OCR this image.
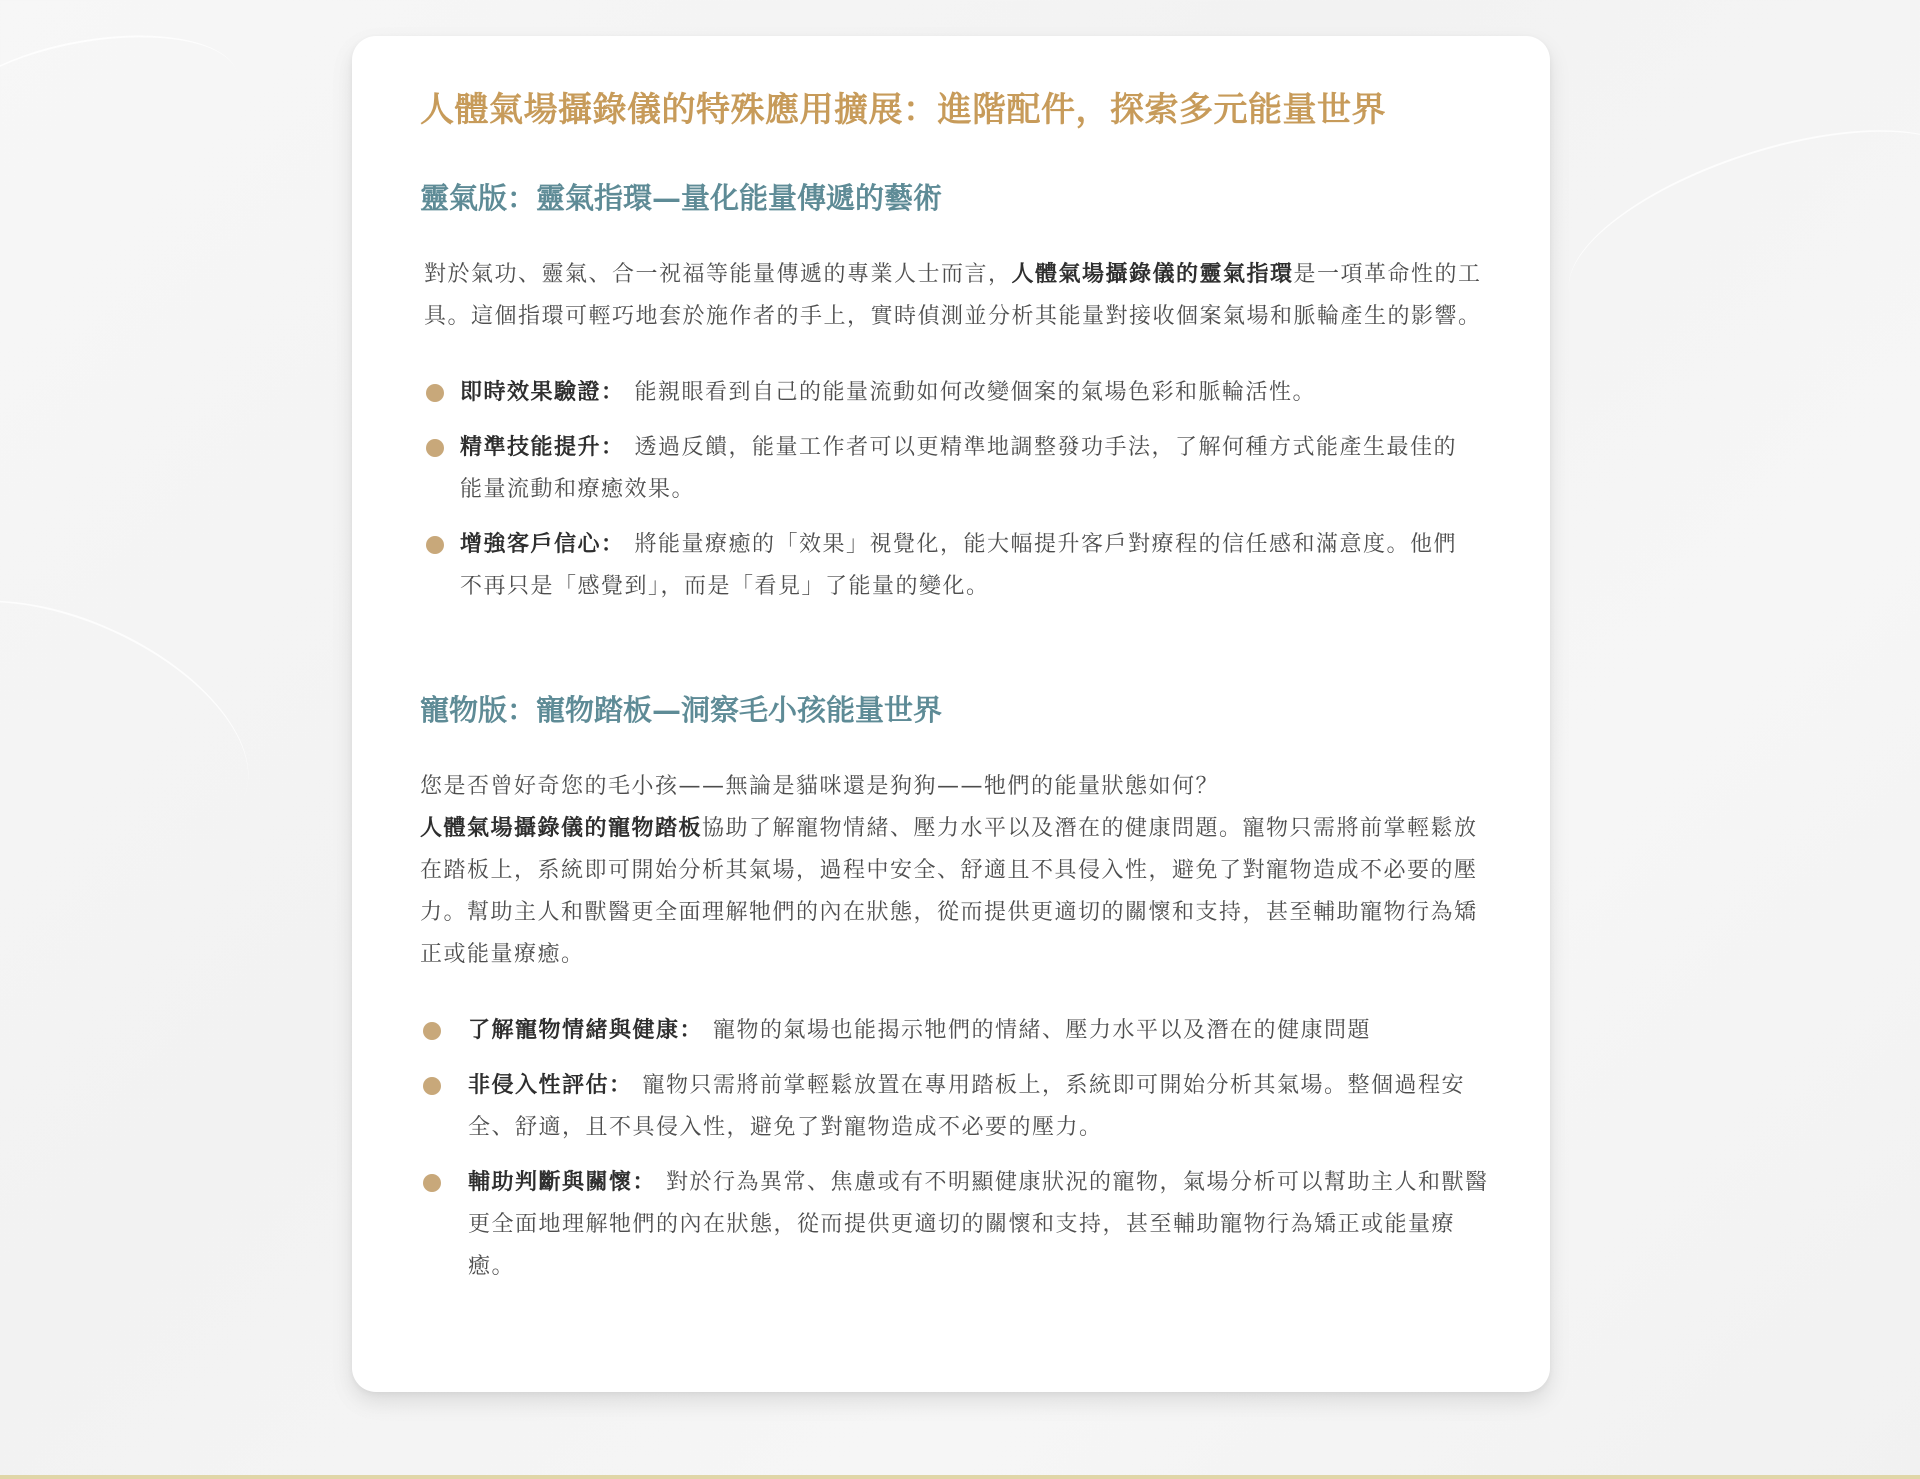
人體氣場攝錄儀的特殊應用擴展：進階配件，探索多元能量世界
靈氣版：靈氣指環—量化能量傳遞的藝術

對於氣功、靈氣、合一祝福等能量傳遞的專業人士而言，人體氣場攝錄儀的靈氣指環是一項革命性的工具。這個指環可輕巧地套於施作者的手上，實時偵測並分析其能量對接收個案氣場和脈輪產生的影響。

即時效果驗證： 能親眼看到自己的能量流動如何改變個案的氣場色彩和脈輪活性。
精準技能提升： 透過反饋，能量工作者可以更精準地調整發功手法，了解何種方式能產生最佳的能量流動和療癒效果。
增強客戶信心： 將能量療癒的「效果」視覺化，能大幅提升客戶對療程的信任感和滿意度。他們不再只是「感覺到」，而是「看見」了能量的變化。
寵物版：寵物踏板—洞察毛小孩能量世界

您是否曾好奇您的毛小孩——無論是貓咪還是狗狗——牠們的能量狀態如何？
人體氣場攝錄儀的寵物踏板協助了解寵物情緒、壓力水平以及潛在的健康問題。寵物只需將前掌輕鬆放在踏板上，系統即可開始分析其氣場，過程中安全、舒適且不具侵入性，避免了對寵物造成不必要的壓力。幫助主人和獸醫更全面理解牠們的內在狀態，從而提供更適切的關懷和支持，甚至輔助寵物行為矯正或能量療癒。

了解寵物情緒與健康： 寵物的氣場也能揭示牠們的情緒、壓力水平以及潛在的健康問題
非侵入性評估： 寵物只需將前掌輕鬆放置在專用踏板上，系統即可開始分析其氣場。整個過程安全、舒適，且不具侵入性，避免了對寵物造成不必要的壓力。
輔助判斷與關懷： 對於行為異常、焦慮或有不明顯健康狀況的寵物，氣場分析可以幫助主人和獸醫更全面地理解牠們的內在狀態，從而提供更適切的關懷和支持，甚至輔助寵物行為矯正或能量療癒。
